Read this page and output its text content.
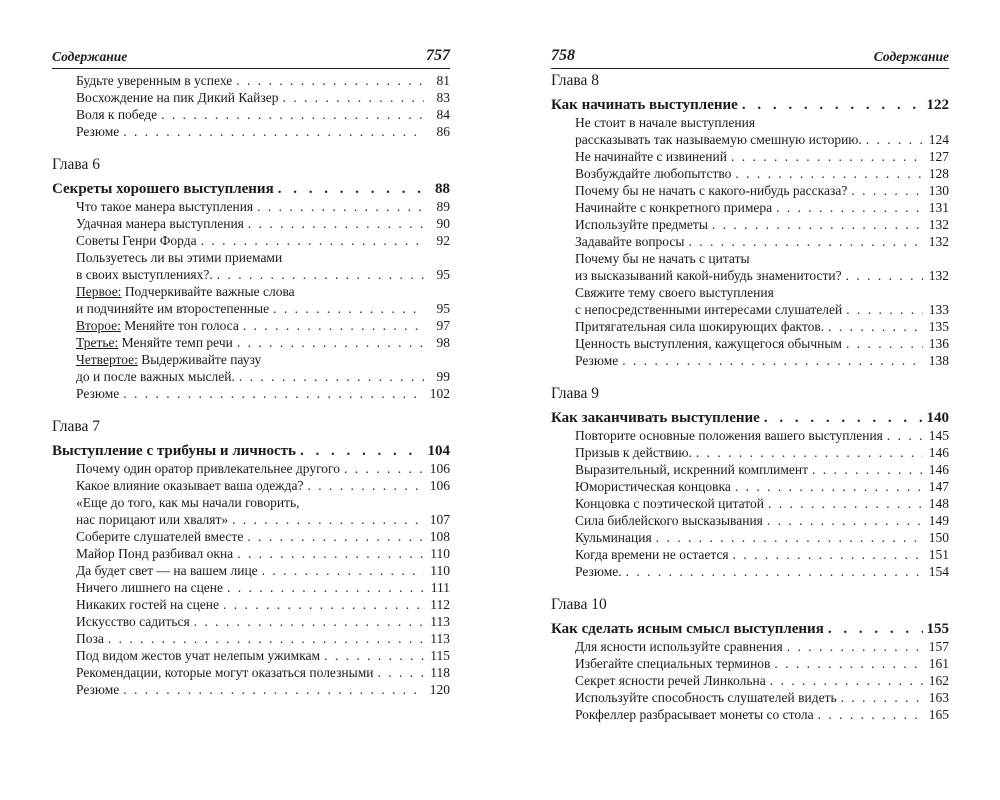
Содержание	757
Будьте уверенным в успехе . . .	81
Восхождение на пик Дикий Кайзер . . .	83
Воля к победе . . .	84
Резюме . . .	86
Глава 6
Секреты хорошего выступления . . .	88
Что такое манера выступления . . .	89
Удачная манера выступления . . .	90
Советы Генри Форда . . .	92
Пользуетесь ли вы этими приемами
в своих выступлениях?. . . .	95
Первое: Подчеркивайте важные слова
и подчиняйте им второстепенные . . .	95
Второе: Меняйте тон голоса . . .	97
Третье: Меняйте темп речи . . .	98
Четвертое: Выдерживайте паузу
до и после важных мыслей. . . .	99
Резюме . . .	102
Глава 7
Выступление с трибуны и личность . . .	104
Почему один оратор привлекательнее другого . . .	106
Какое влияние оказывает ваша одежда? . . .	106
«Еще до того, как мы начали говорить,
нас порицают или хвалят» . . .	107
Соберите слушателей вместе . . .	108
Майор Понд разбивал окна . . .	110
Да будет свет — на вашем лице . . .	110
Ничего лишнего на сцене . . .	111
Никаких гостей на сцене . . .	112
Искусство садиться . . .	113
Поза . . .	113
Под видом жестов учат нелепым ужимкам . . .	115
Рекомендации, которые могут оказаться полезными . . .	118
Резюме . . .	120
758	Содержание
Глава 8
Как начинать выступление . . .	122
Не стоит в начале выступления
рассказывать так называемую смешную историю. . . .	124
Не начинайте с извинений . . .	127
Возбуждайте любопытство . . .	128
Почему бы не начать с какого-нибудь рассказа? . . .	130
Начинайте с конкретного примера . . .	131
Используйте предметы . . .	132
Задавайте вопросы . . .	132
Почему бы не начать с цитаты
из высказываний какой-нибудь знаменитости? . . .	132
Свяжите тему своего выступления
с непосредственными интересами слушателей . . .	133
Притягательная сила шокирующих фактов. . . .	135
Ценность выступления, кажущегося обычным . . .	136
Резюме . . .	138
Глава 9
Как заканчивать выступление . . .	140
Повторите основные положения вашего выступления . . .	145
Призыв к действию. . . .	146
Выразительный, искренний комплимент . . .	146
Юмористическая концовка . . .	147
Концовка с поэтической цитатой . . .	148
Сила библейского высказывания . . .	149
Кульминация . . .	150
Когда времени не остается . . .	151
Резюме. . . .	154
Глава 10
Как сделать ясным смысл выступления . . .	155
Для ясности используйте сравнения . . .	157
Избегайте специальных терминов . . .	161
Секрет ясности речей Линкольна . . .	162
Используйте способность слушателей видеть . . .	163
Рокфеллер разбрасывает монеты со стола . . .	165
